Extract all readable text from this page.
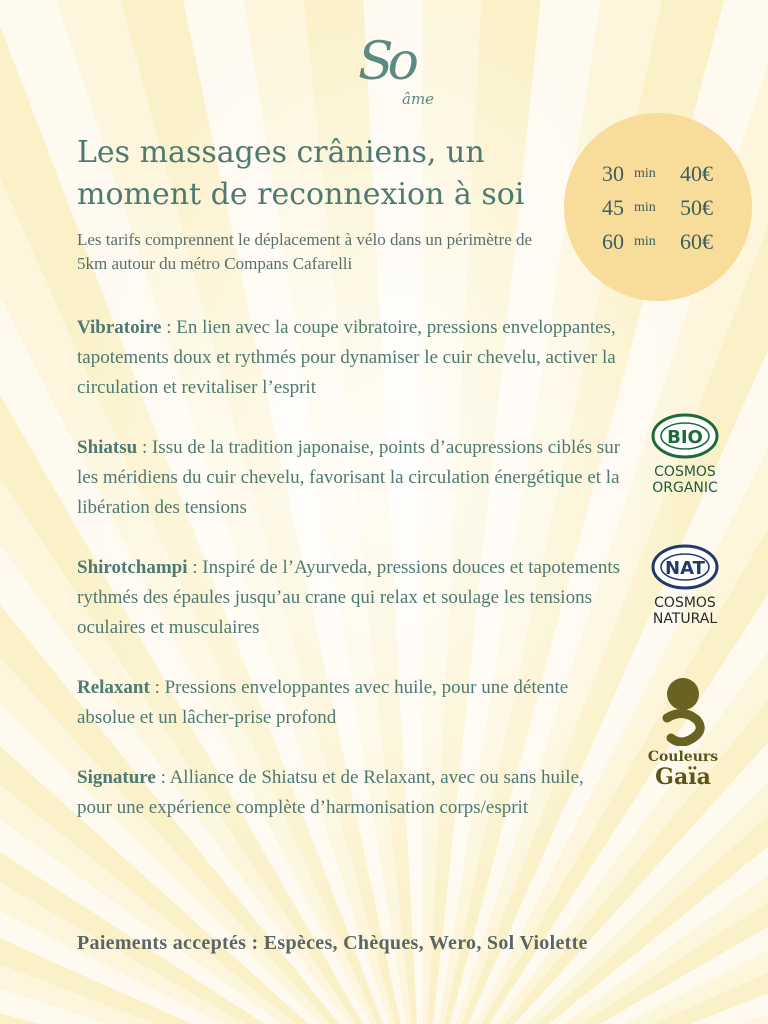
So
âme
Les massages crâniens, un moment de reconnexion à soi
Les tarifs comprennent le déplacement à vélo dans un périmètre de 5km autour du métro Compans Cafarelli
30 min 40€
45 min 50€
60 min 60€

Vibratoire : En lien avec la coupe vibratoire, pressions enveloppantes, tapotements doux et rythmés pour dynamiser le cuir chevelu, activer la circulation et revitaliser l’esprit

Shiatsu : Issu de la tradition japonaise, points d’acupressions ciblés sur les méridiens du cuir chevelu, favorisant la circulation énergétique et la libération des tensions

Shirotchampi : Inspiré de l’Ayurveda, pressions douces et tapotements rythmés des épaules jusqu’au crane qui relax et soulage les tensions oculaires et musculaires

Relaxant : Pressions enveloppantes avec huile, pour une détente absolue et un lâcher-prise profond

Signature : Alliance de Shiatsu et de Relaxant, avec ou sans huile, pour une expérience complète d’harmonisation corps/esprit

Paiements acceptés : Espèces, Chèques, Wero, Sol Violette
BIO
COSMOS
ORGANIC
NAT
COSMOS
NATURAL
Couleurs
Gaïa
